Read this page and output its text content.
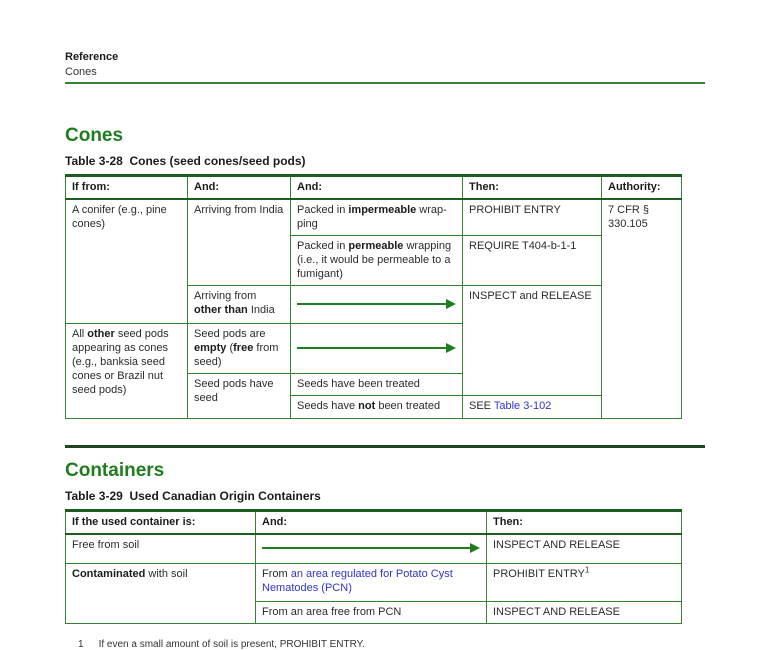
Reference
Cones
Cones
Table 3-28  Cones (seed cones/seed pods)
If from:	And:	And:	Then:	Authority:
A conifer (e.g., pine cones)	Arriving from India	Packed in impermeable wrapping	PROHIBIT ENTRY	7 CFR § 330.105
		Packed in permeable wrapping (i.e., it would be permeable to a fumigant)	REQUIRE T404-b-1-1	
	Arriving from other than India		INSPECT and RELEASE	
All other seed pods appearing as cones (e.g., banksia seed cones or Brazil nut seed pods)	Seed pods are empty (free from seed)			

	Seed pods have seed	Seeds have been treated		
		Seeds have not been treated	SEE Table 3-102	
Containers
Table 3-29  Used Canadian Origin Containers
If the used container is:	And:	Then:
Free from soil		INSPECT AND RELEASE
Contaminated with soil	From an area regulated for Potato Cyst Nematodes (PCN)	PROHIBIT ENTRY$^1$
	From an area free from PCN	INSPECT AND RELEASE
1 If even a small amount of soil is present, PROHIBIT ENTRY.
